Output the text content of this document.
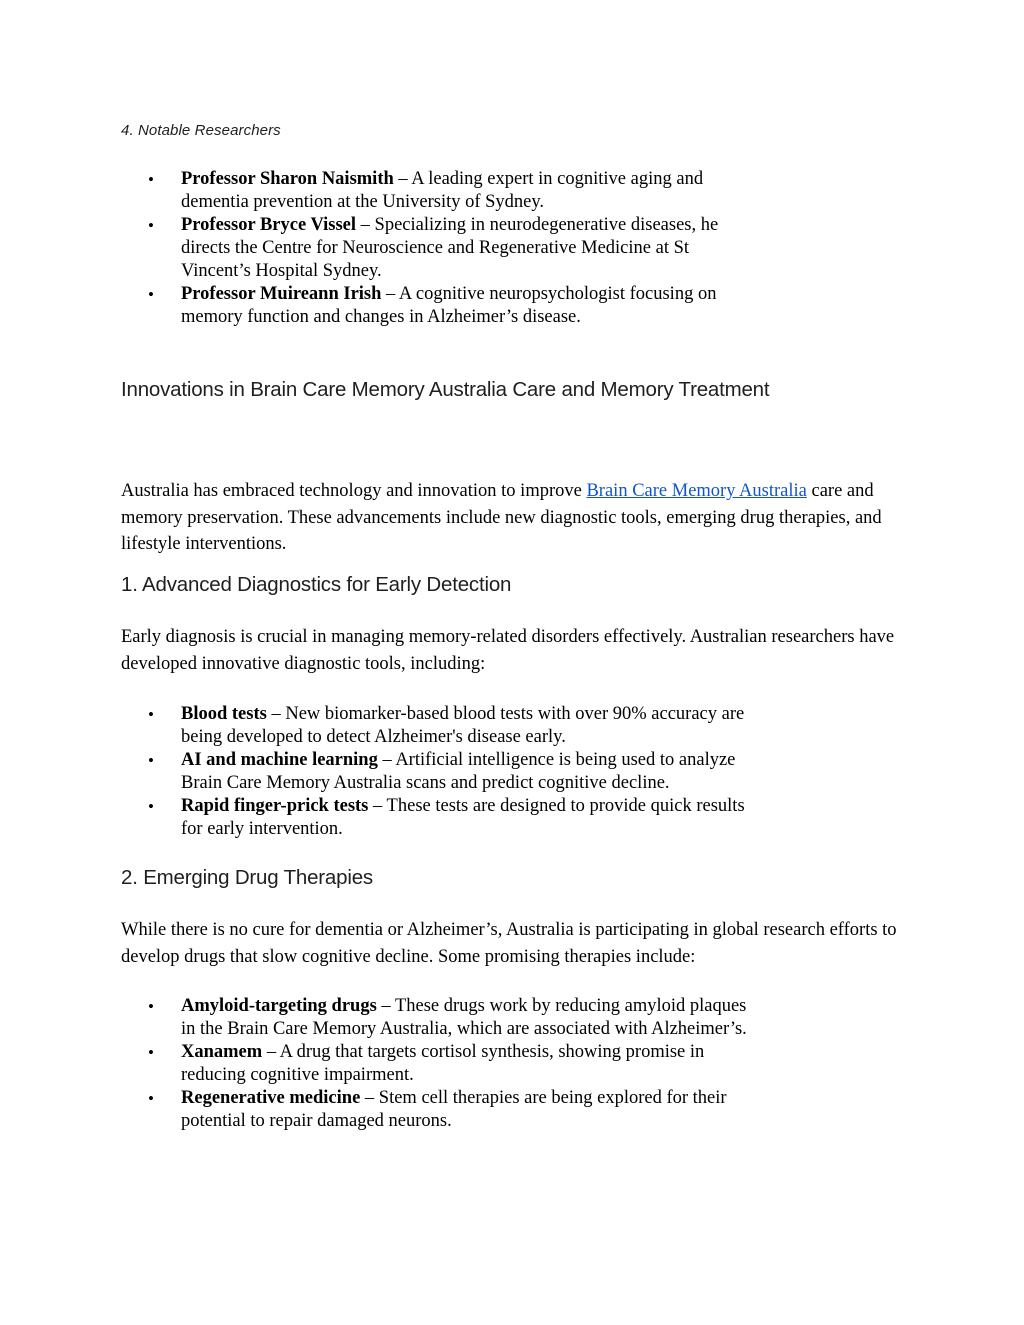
4. Notable Researchers
• Professor Sharon Naismith – A leading expert in cognitive aging and dementia prevention at the University of Sydney.
• Professor Bryce Vissel – Specializing in neurodegenerative diseases, he directs the Centre for Neuroscience and Regenerative Medicine at St Vincent’s Hospital Sydney.
• Professor Muireann Irish – A cognitive neuropsychologist focusing on memory function and changes in Alzheimer’s disease.
Innovations in Brain Care Memory Australia Care and Memory Treatment

Australia has embraced technology and innovation to improve Brain Care Memory Australia care and memory preservation. These advancements include new diagnostic tools, emerging drug therapies, and lifestyle interventions.

1. Advanced Diagnostics for Early Detection

Early diagnosis is crucial in managing memory-related disorders effectively. Australian researchers have developed innovative diagnostic tools, including:

• Blood tests – New biomarker-based blood tests with over 90% accuracy are being developed to detect Alzheimer's disease early.
• AI and machine learning – Artificial intelligence is being used to analyze Brain Care Memory Australia scans and predict cognitive decline.
• Rapid finger-prick tests – These tests are designed to provide quick results for early intervention.
2. Emerging Drug Therapies

While there is no cure for dementia or Alzheimer’s, Australia is participating in global research efforts to develop drugs that slow cognitive decline. Some promising therapies include:

• Amyloid-targeting drugs – These drugs work by reducing amyloid plaques in the Brain Care Memory Australia, which are associated with Alzheimer’s.
• Xanamem – A drug that targets cortisol synthesis, showing promise in reducing cognitive impairment.
• Regenerative medicine – Stem cell therapies are being explored for their potential to repair damaged neurons.
